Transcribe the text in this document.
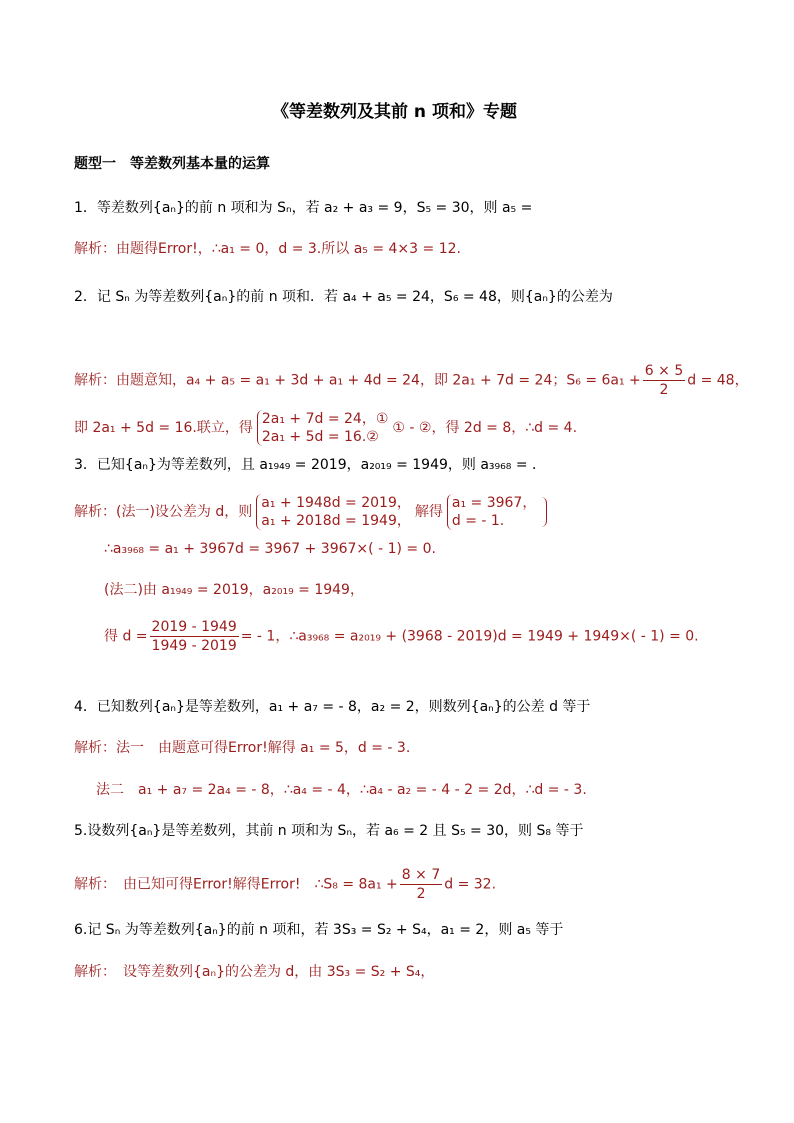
《等差数列及其前 n 项和》专题
题型一　等差数列基本量的运算
1．等差数列{aₙ}的前 n 项和为 Sₙ，若 a₂ + a₃ = 9，S₅ = 30，则 a₅ =
解析：由题得Error!，∴a₁ = 0，d = 3.所以 a₅ = 4×3 = 12.
2．记 Sₙ 为等差数列{aₙ}的前 n 项和．若 a₄ + a₅ = 24，S₆ = 48，则{aₙ}的公差为
解析：由题意知，a₄ + a₅ = a₁ + 3d + a₁ + 4d = 24，即 2a₁ + 7d = 24；$S_6 = 6a_1 + \frac{6 \times 5}{2}$ d = 48，
即 2a₁ + 5d = 16.联立，得
2a₁ + 7d = 24，①
2a₁ + 5d = 16.②
① - ②，得 2d = 8，∴d = 4.
3．已知{aₙ}为等差数列，且 a₁₉₄₉ = 2019，a₂₀₁₉ = 1949，则 a₃₉₆₈ = ．
解析：(法一)设公差为 d，则
a₁ + 1948d = 2019，
a₁ + 2018d = 1949，
解得
a₁ = 3967，
d = - 1.
∴a₃₉₆₈ = a₁ + 3967d = 3967 + 3967×( - 1) = 0.
(法二)由 a₁₉₄₉ = 2019，a₂₀₁₉ = 1949，
得 $d = \frac{2019 - 1949}{1949 - 2019}$ = - 1，∴a₃₉₆₈ = a₂₀₁₉ + (3968 - 2019)d = 1949 + 1949×( - 1) = 0.
4．已知数列{aₙ}是等差数列，a₁ + a₇ = - 8，a₂ = 2，则数列{aₙ}的公差 d 等于
解析：法一　由题意可得Error!解得 a₁ = 5，d = - 3.
法二　a₁ + a₇ = 2a₄ = - 8，∴a₄ = - 4，∴a₄ - a₂ = - 4 - 2 = 2d，∴d = - 3.
5.设数列{aₙ}是等差数列，其前 n 项和为 Sₙ，若 a₆ = 2 且 S₅ = 30，则 S₈ 等于
解析：　由已知可得Error!解得Error!　∴S₈ = $8a_1 + \frac{8 \times 7}{2}$ d = 32.
6.记 Sₙ 为等差数列{aₙ}的前 n 项和，若 3S₃ = S₂ + S₄，a₁ = 2，则 a₅ 等于
解析：　设等差数列{aₙ}的公差为 d，由 3S₃ = S₂ + S₄，
